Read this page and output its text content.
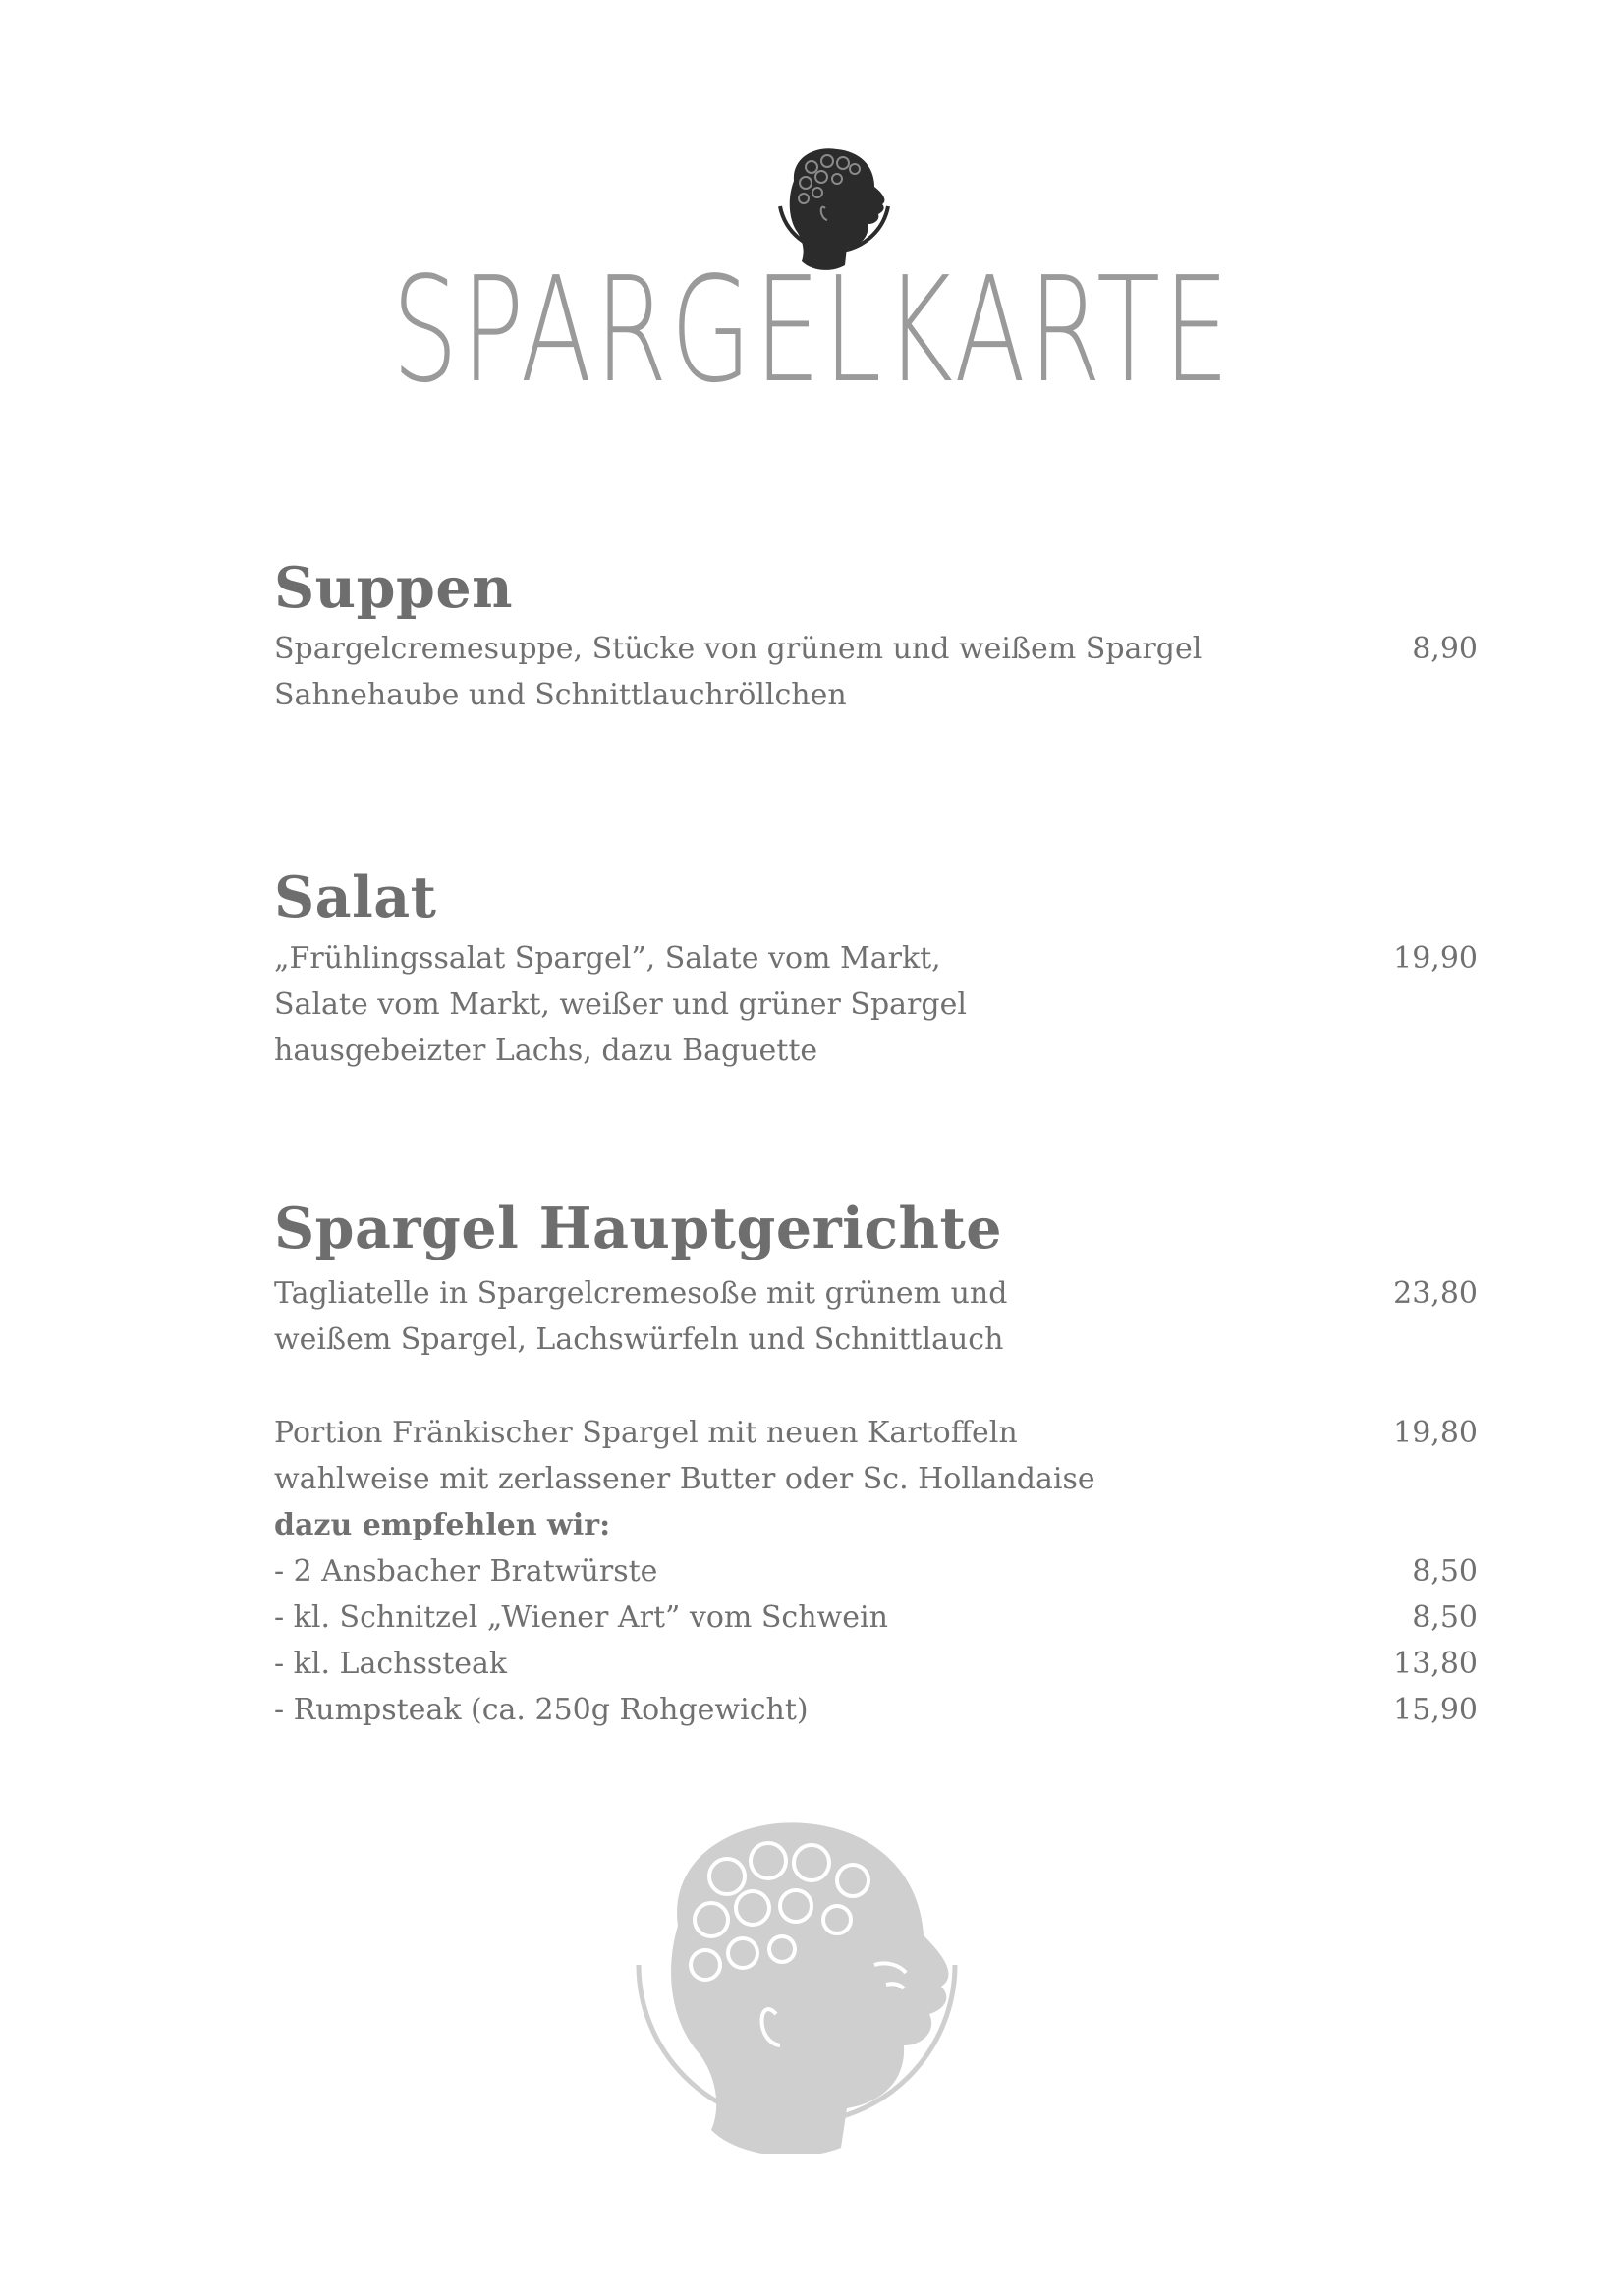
SPARGELKARTE
Suppen
Spargelcremesuppe, Stücke von grünem und weißem Spargel	8,90
Sahnehaube und Schnittlauchröllchen
Salat
„Frühlingssalat Spargel”, Salate vom Markt,	19,90
Salate vom Markt, weißer und grüner Spargel
hausgebeizter Lachs, dazu Baguette
Spargel Hauptgerichte
Tagliatelle in Spargelcremesoße mit grünem und	23,80
weißem Spargel, Lachswürfeln und Schnittlauch
Portion Fränkischer Spargel mit neuen Kartoffeln	19,80
wahlweise mit zerlassener Butter oder Sc. Hollandaise
dazu empfehlen wir:
- 2 Ansbacher Bratwürste	8,50
- kl. Schnitzel „Wiener Art” vom Schwein	8,50
- kl. Lachssteak	13,80
- Rumpsteak (ca. 250g Rohgewicht)	15,90
